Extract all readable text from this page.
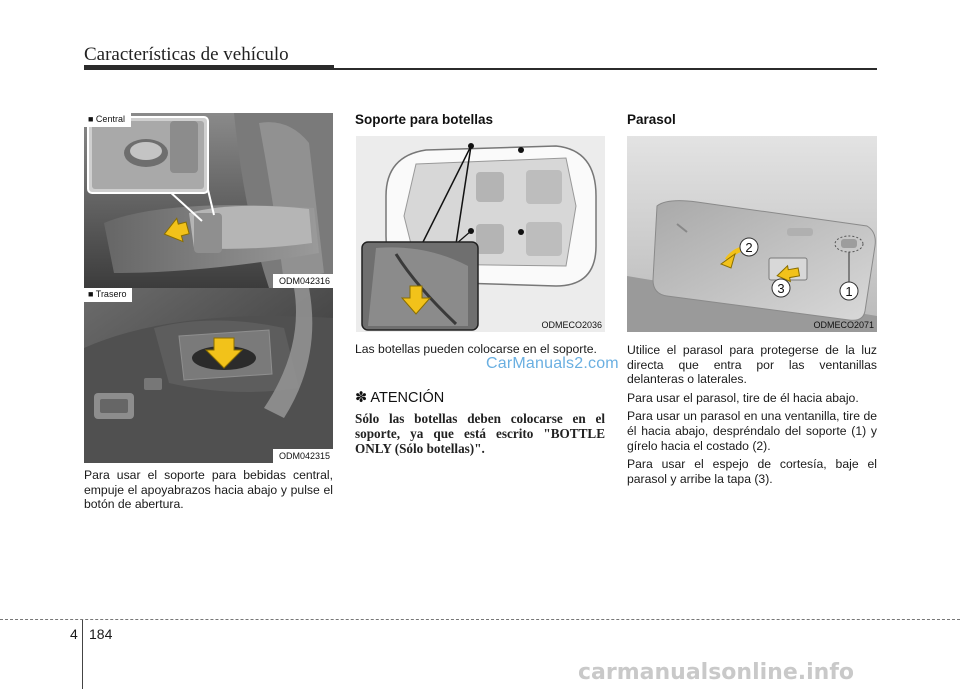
Características de vehículo
■ Central
ODM042316
■ Trasero
ODM042315
Para usar el soporte para bebidas central, empuje el apoyabrazos hacia abajo y pulse el botón de abertura.
Soporte para botellas
ODMECO2036
Las botellas pueden colocarse en el soporte.
✽ ATENCIÓN
Sólo las botellas deben colocarse en el soporte, ya que está escrito "BOTTLE ONLY (Sólo botellas)".
CarManuals2.com
Parasol
2
3	1
ODMECO2071

Utilice el parasol para protegerse de la luz directa que entra por las ventanillas delanteras o laterales.

Para usar el parasol, tire de él hacia abajo.

Para usar un parasol en una ventanilla, tire de él hacia abajo, despréndalo del soporte (1) y gírelo hacia el costado (2).

Para usar el espejo de cortesía, baje el parasol y arribe la tapa (3).

4 184
carmanualsonline.info
